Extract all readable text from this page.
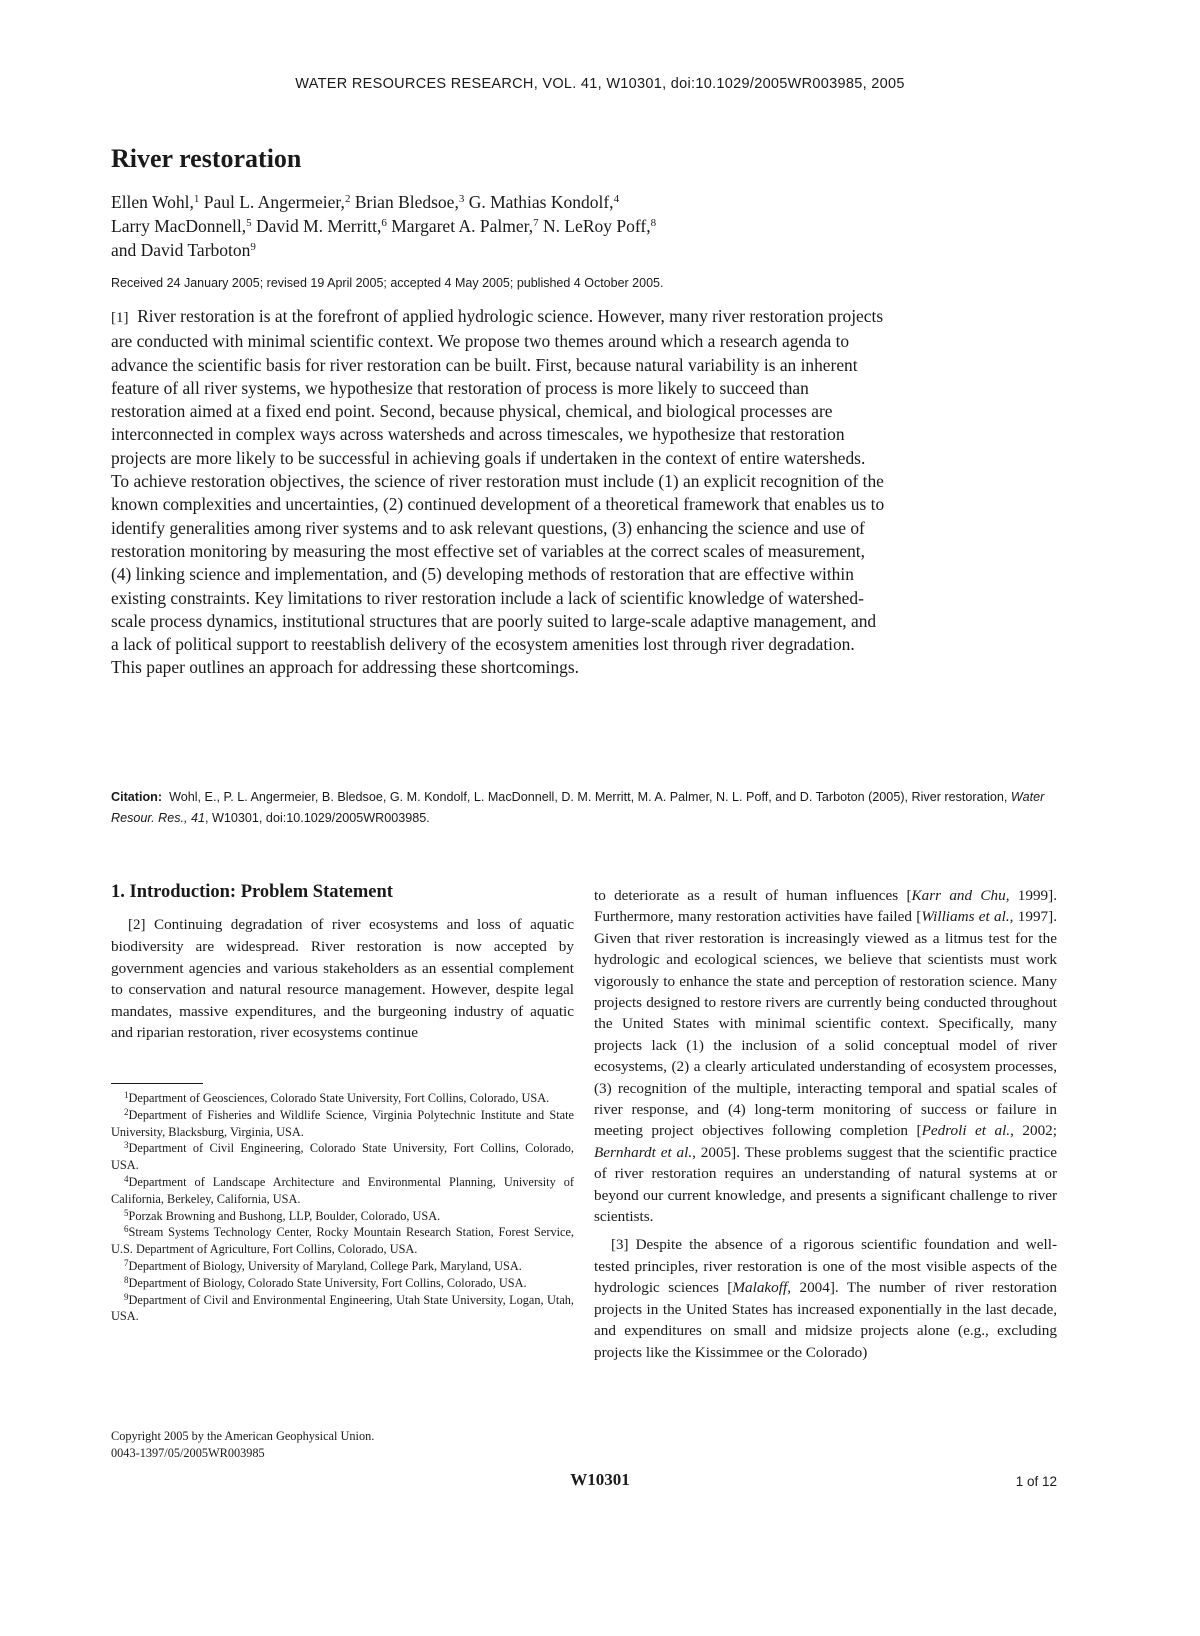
WATER RESOURCES RESEARCH, VOL. 41, W10301, doi:10.1029/2005WR003985, 2005
River restoration
Ellen Wohl,$^1$ Paul L. Angermeier,$^2$ Brian Bledsoe,$^3$ G. Mathias Kondolf,$^4$
Larry MacDonnell,$^5$ David M. Merritt,$^6$ Margaret A. Palmer,$^7$ N. LeRoy Poff,$^8$
and David Tarboton$^9$
Received 24 January 2005; revised 19 April 2005; accepted 4 May 2005; published 4 October 2005.
[1] River restoration is at the forefront of applied hydrologic science. However, many river restoration projects are conducted with minimal scientific context. We propose two themes around which a research agenda to advance the scientific basis for river restoration can be built. First, because natural variability is an inherent feature of all river systems, we hypothesize that restoration of process is more likely to succeed than restoration aimed at a fixed end point. Second, because physical, chemical, and biological processes are interconnected in complex ways across watersheds and across timescales, we hypothesize that restoration projects are more likely to be successful in achieving goals if undertaken in the context of entire watersheds. To achieve restoration objectives, the science of river restoration must include (1) an explicit recognition of the known complexities and uncertainties, (2) continued development of a theoretical framework that enables us to identify generalities among river systems and to ask relevant questions, (3) enhancing the science and use of restoration monitoring by measuring the most effective set of variables at the correct scales of measurement, (4) linking science and implementation, and (5) developing methods of restoration that are effective within existing constraints. Key limitations to river restoration include a lack of scientific knowledge of watershed-scale process dynamics, institutional structures that are poorly suited to large-scale adaptive management, and a lack of political support to reestablish delivery of the ecosystem amenities lost through river degradation. This paper outlines an approach for addressing these shortcomings.
Citation: Wohl, E., P. L. Angermeier, B. Bledsoe, G. M. Kondolf, L. MacDonnell, D. M. Merritt, M. A. Palmer, N. L. Poff, and D. Tarboton (2005), River restoration, Water Resour. Res., 41, W10301, doi:10.1029/2005WR003985.
1. Introduction: Problem Statement

[2] Continuing degradation of river ecosystems and loss of aquatic biodiversity are widespread. River restoration is now accepted by government agencies and various stakeholders as an essential complement to conservation and natural resource management. However, despite legal mandates, massive expenditures, and the burgeoning industry of aquatic and riparian restoration, river ecosystems continue

$^1$Department of Geosciences, Colorado State University, Fort Collins, Colorado, USA.

$^2$Department of Fisheries and Wildlife Science, Virginia Polytechnic Institute and State University, Blacksburg, Virginia, USA.

$^3$Department of Civil Engineering, Colorado State University, Fort Collins, Colorado, USA.

$^4$Department of Landscape Architecture and Environmental Planning, University of California, Berkeley, California, USA.

$^5$Porzak Browning and Bushong, LLP, Boulder, Colorado, USA.

$^6$Stream Systems Technology Center, Rocky Mountain Research Station, Forest Service, U.S. Department of Agriculture, Fort Collins, Colorado, USA.

$^7$Department of Biology, University of Maryland, College Park, Maryland, USA.

$^8$Department of Biology, Colorado State University, Fort Collins, Colorado, USA.

$^9$Department of Civil and Environmental Engineering, Utah State University, Logan, Utah, USA.

Copyright 2005 by the American Geophysical Union.
0043-1397/05/2005WR003985

to deteriorate as a result of human influences [Karr and Chu, 1999]. Furthermore, many restoration activities have failed [Williams et al., 1997]. Given that river restoration is increasingly viewed as a litmus test for the hydrologic and ecological sciences, we believe that scientists must work vigorously to enhance the state and perception of restoration science. Many projects designed to restore rivers are currently being conducted throughout the United States with minimal scientific context. Specifically, many projects lack (1) the inclusion of a solid conceptual model of river ecosystems, (2) a clearly articulated understanding of ecosystem processes, (3) recognition of the multiple, interacting temporal and spatial scales of river response, and (4) long-term monitoring of success or failure in meeting project objectives following completion [Pedroli et al., 2002; Bernhardt et al., 2005]. These problems suggest that the scientific practice of river restoration requires an understanding of natural systems at or beyond our current knowledge, and presents a significant challenge to river scientists.

[3] Despite the absence of a rigorous scientific foundation and well-tested principles, river restoration is one of the most visible aspects of the hydrologic sciences [Malakoff, 2004]. The number of river restoration projects in the United States has increased exponentially in the last decade, and expenditures on small and midsize projects alone (e.g., excluding projects like the Kissimmee or the Colorado)

W10301	1 of 12
